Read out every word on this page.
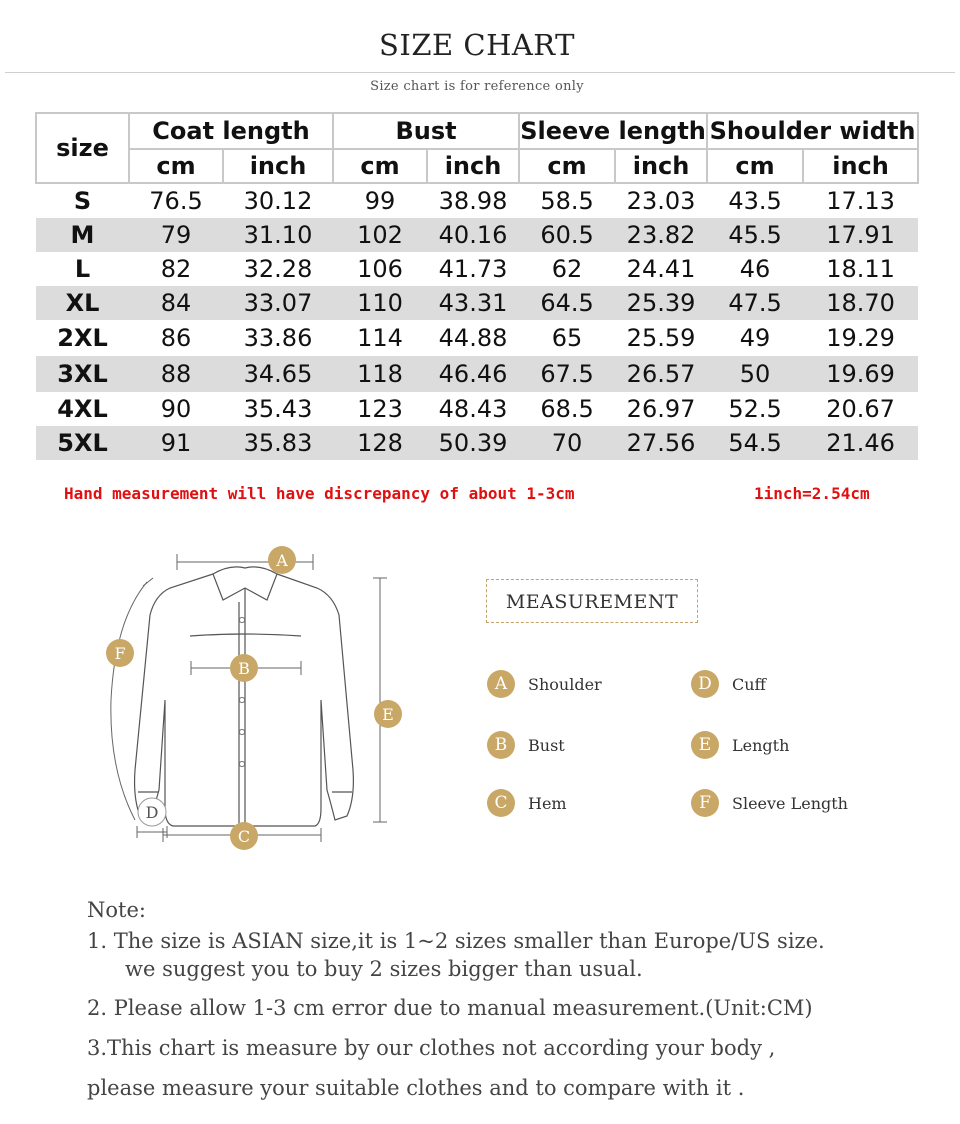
SIZE CHART
Size chart is for reference only
size	Coat length		Bust		Sleeve length		Shoulder width	
	cm	inch	cm	inch	cm	inch	cm	inch
S	76.5	30.12	99	38.98	58.5	23.03	43.5	17.13
M	79	31.10	102	40.16	60.5	23.82	45.5	17.91
L	82	32.28	106	41.73	62	24.41	46	18.11
XL	84	33.07	110	43.31	64.5	25.39	47.5	18.70
2XL	86	33.86	114	44.88	65	25.59	49	19.29
3XL	88	34.65	118	46.46	67.5	26.57	50	19.69
4XL	90	35.43	123	48.43	68.5	26.97	52.5	20.67
5XL	91	35.83	128	50.39	70	27.56	54.5	21.46
Hand measurement will have discrepancy of about 1-3cm	1inch=2.54cm
A
B
C
D
E
F
MEASUREMENT
A	Shoulder
B	Bust
C	Hem
D	Cuff
E	Length
F	Sleeve Length
Note:
1. The size is ASIAN size,it is 1~2 sizes smaller than Europe/US size.
we suggest you to buy 2 sizes bigger than usual.
2. Please allow 1-3 cm error due to manual measurement.(Unit:CM)
3.This chart is measure by our clothes not according your body ,
please measure your suitable clothes and to compare with it .
